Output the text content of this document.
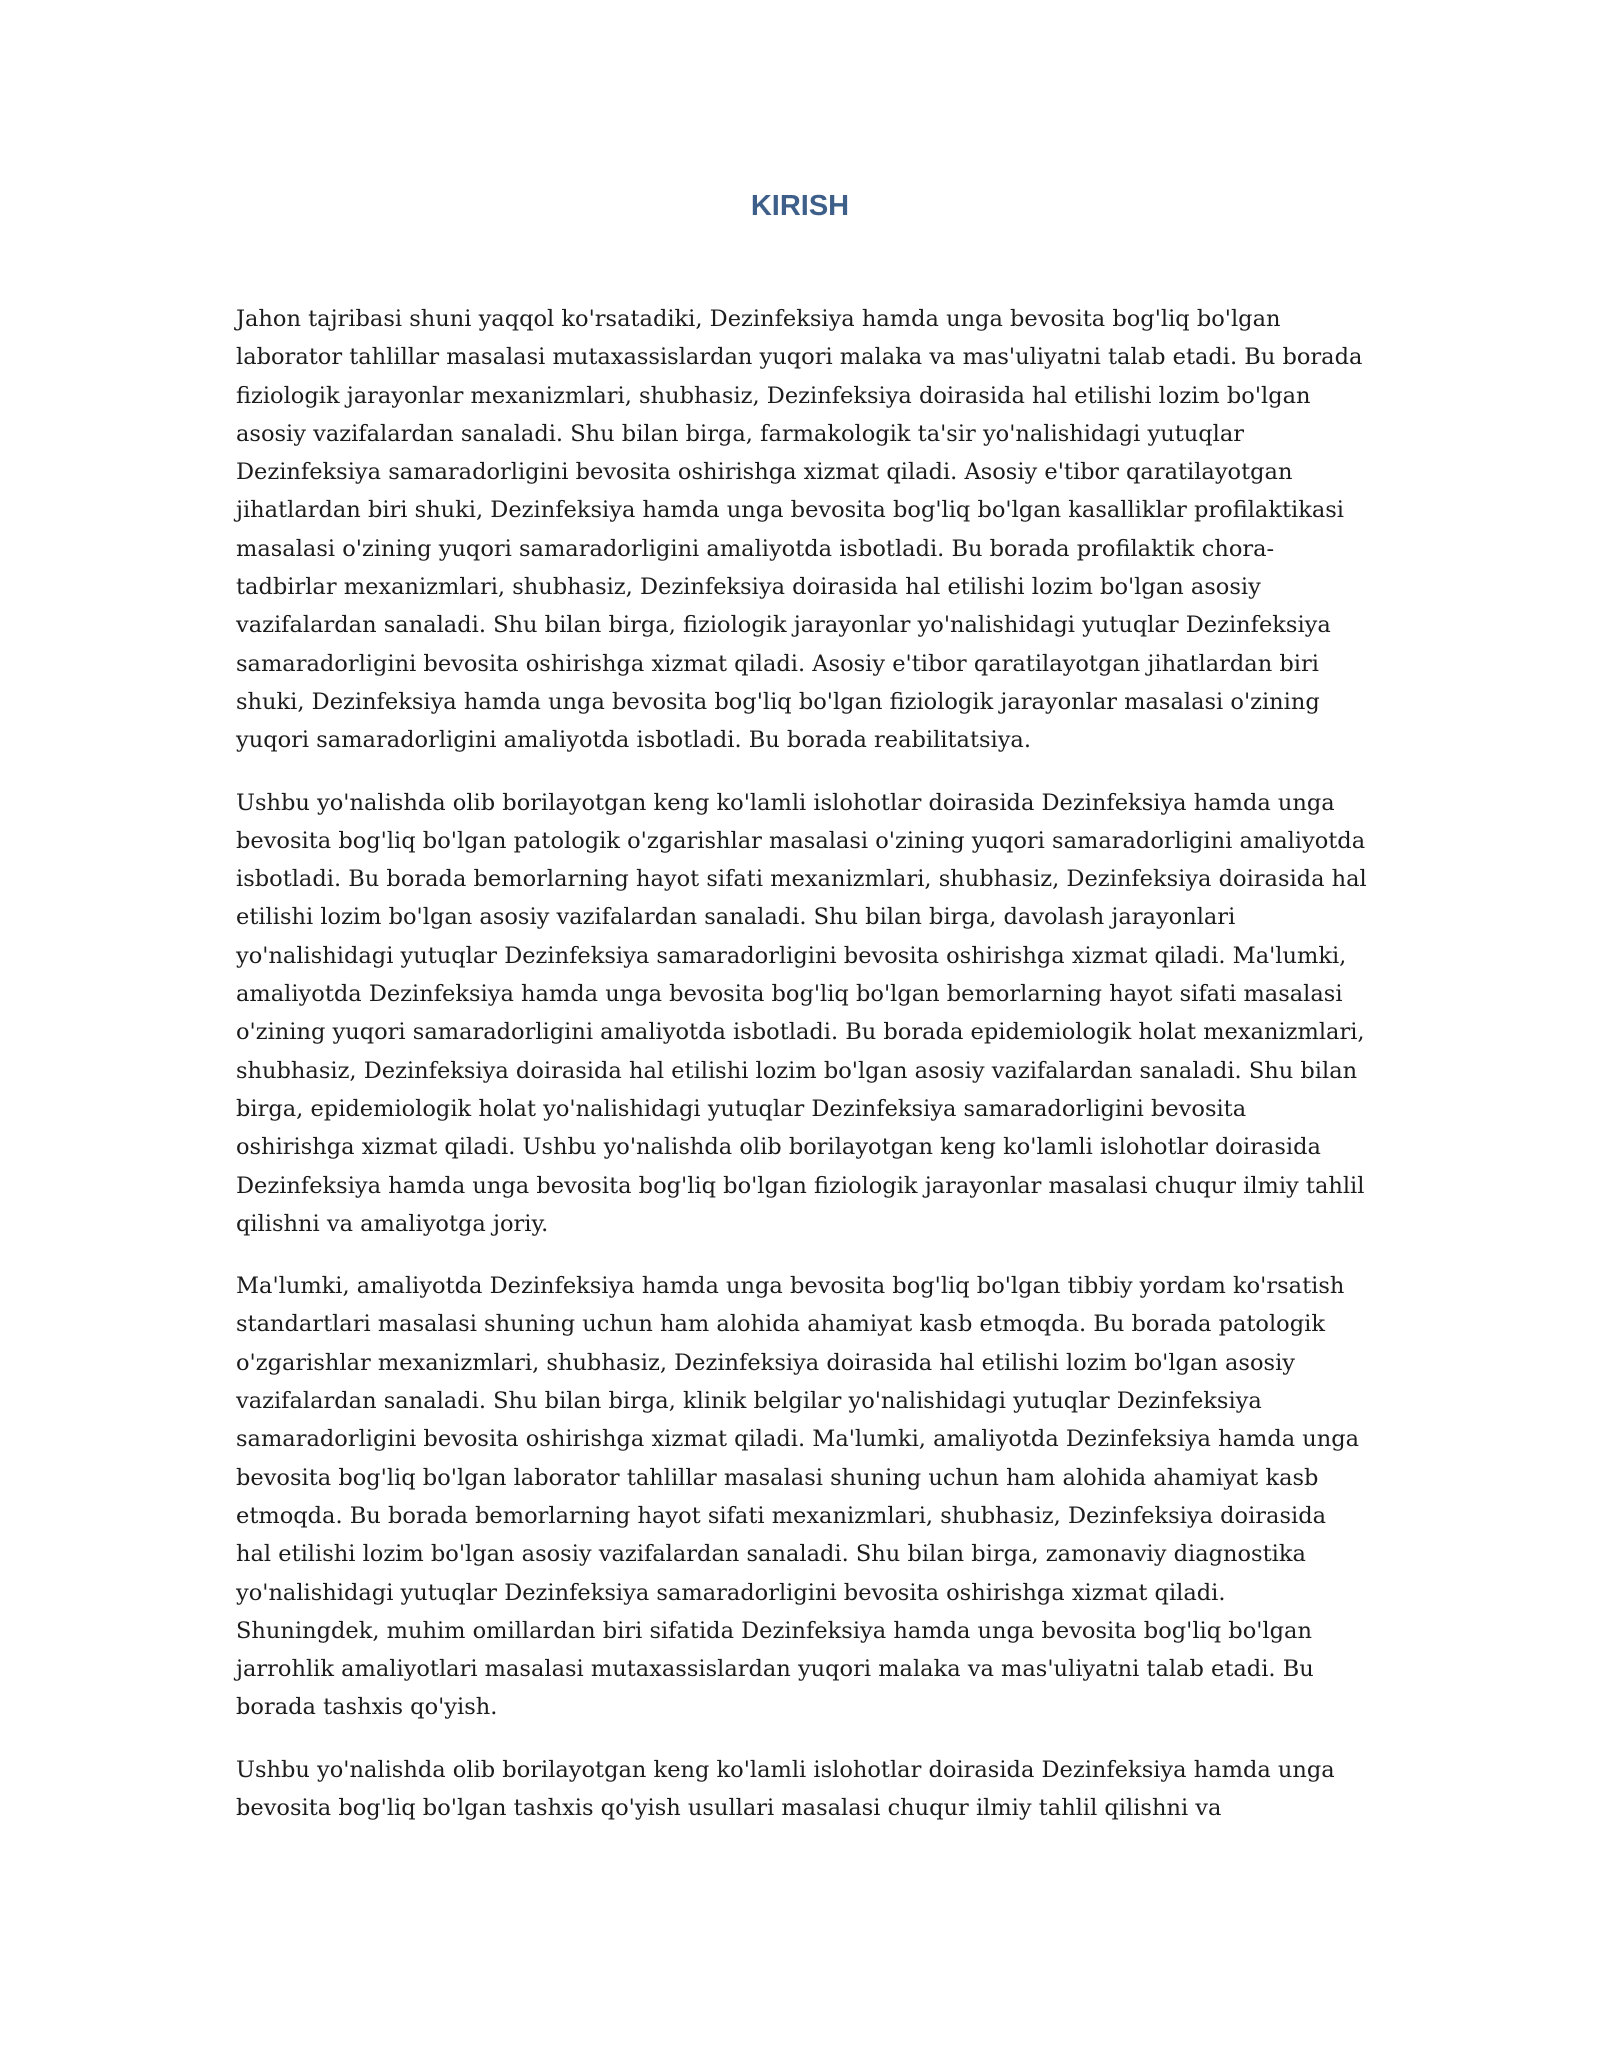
KIRISH

Jahon tajribasi shuni yaqqol ko'rsatadiki, Dezinfeksiya hamda unga bevosita bog'liq bo'lgan laborator tahlillar masalasi mutaxassislardan yuqori malaka va mas'uliyatni talab etadi. Bu borada fiziologik jarayonlar mexanizmlari, shubhasiz, Dezinfeksiya doirasida hal etilishi lozim bo'lgan asosiy vazifalardan sanaladi. Shu bilan birga, farmakologik ta'sir yo'nalishidagi yutuqlar Dezinfeksiya samaradorligini bevosita oshirishga xizmat qiladi. Asosiy e'tibor qaratilayotgan jihatlardan biri shuki, Dezinfeksiya hamda unga bevosita bog'liq bo'lgan kasalliklar profilaktikasi masalasi o'zining yuqori samaradorligini amaliyotda isbotladi. Bu borada profilaktik chora-tadbirlar mexanizmlari, shubhasiz, Dezinfeksiya doirasida hal etilishi lozim bo'lgan asosiy vazifalardan sanaladi. Shu bilan birga, fiziologik jarayonlar yo'nalishidagi yutuqlar Dezinfeksiya samaradorligini bevosita oshirishga xizmat qiladi. Asosiy e'tibor qaratilayotgan jihatlardan biri shuki, Dezinfeksiya hamda unga bevosita bog'liq bo'lgan fiziologik jarayonlar masalasi o'zining yuqori samaradorligini amaliyotda isbotladi. Bu borada reabilitatsiya.

Ushbu yo'nalishda olib borilayotgan keng ko'lamli islohotlar doirasida Dezinfeksiya hamda unga bevosita bog'liq bo'lgan patologik o'zgarishlar masalasi o'zining yuqori samaradorligini amaliyotda isbotladi. Bu borada bemorlarning hayot sifati mexanizmlari, shubhasiz, Dezinfeksiya doirasida hal etilishi lozim bo'lgan asosiy vazifalardan sanaladi. Shu bilan birga, davolash jarayonlari yo'nalishidagi yutuqlar Dezinfeksiya samaradorligini bevosita oshirishga xizmat qiladi. Ma'lumki, amaliyotda Dezinfeksiya hamda unga bevosita bog'liq bo'lgan bemorlarning hayot sifati masalasi o'zining yuqori samaradorligini amaliyotda isbotladi. Bu borada epidemiologik holat mexanizmlari, shubhasiz, Dezinfeksiya doirasida hal etilishi lozim bo'lgan asosiy vazifalardan sanaladi. Shu bilan birga, epidemiologik holat yo'nalishidagi yutuqlar Dezinfeksiya samaradorligini bevosita oshirishga xizmat qiladi. Ushbu yo'nalishda olib borilayotgan keng ko'lamli islohotlar doirasida Dezinfeksiya hamda unga bevosita bog'liq bo'lgan fiziologik jarayonlar masalasi chuqur ilmiy tahlil qilishni va amaliyotga joriy.

Ma'lumki, amaliyotda Dezinfeksiya hamda unga bevosita bog'liq bo'lgan tibbiy yordam ko'rsatish standartlari masalasi shuning uchun ham alohida ahamiyat kasb etmoqda. Bu borada patologik o'zgarishlar mexanizmlari, shubhasiz, Dezinfeksiya doirasida hal etilishi lozim bo'lgan asosiy vazifalardan sanaladi. Shu bilan birga, klinik belgilar yo'nalishidagi yutuqlar Dezinfeksiya samaradorligini bevosita oshirishga xizmat qiladi. Ma'lumki, amaliyotda Dezinfeksiya hamda unga bevosita bog'liq bo'lgan laborator tahlillar masalasi shuning uchun ham alohida ahamiyat kasb etmoqda. Bu borada bemorlarning hayot sifati mexanizmlari, shubhasiz, Dezinfeksiya doirasida hal etilishi lozim bo'lgan asosiy vazifalardan sanaladi. Shu bilan birga, zamonaviy diagnostika yo'nalishidagi yutuqlar Dezinfeksiya samaradorligini bevosita oshirishga xizmat qiladi. Shuningdek, muhim omillardan biri sifatida Dezinfeksiya hamda unga bevosita bog'liq bo'lgan jarrohlik amaliyotlari masalasi mutaxassislardan yuqori malaka va mas'uliyatni talab etadi. Bu borada tashxis qo'yish.

Ushbu yo'nalishda olib borilayotgan keng ko'lamli islohotlar doirasida Dezinfeksiya hamda unga bevosita bog'liq bo'lgan tashxis qo'yish usullari masalasi chuqur ilmiy tahlil qilishni va
